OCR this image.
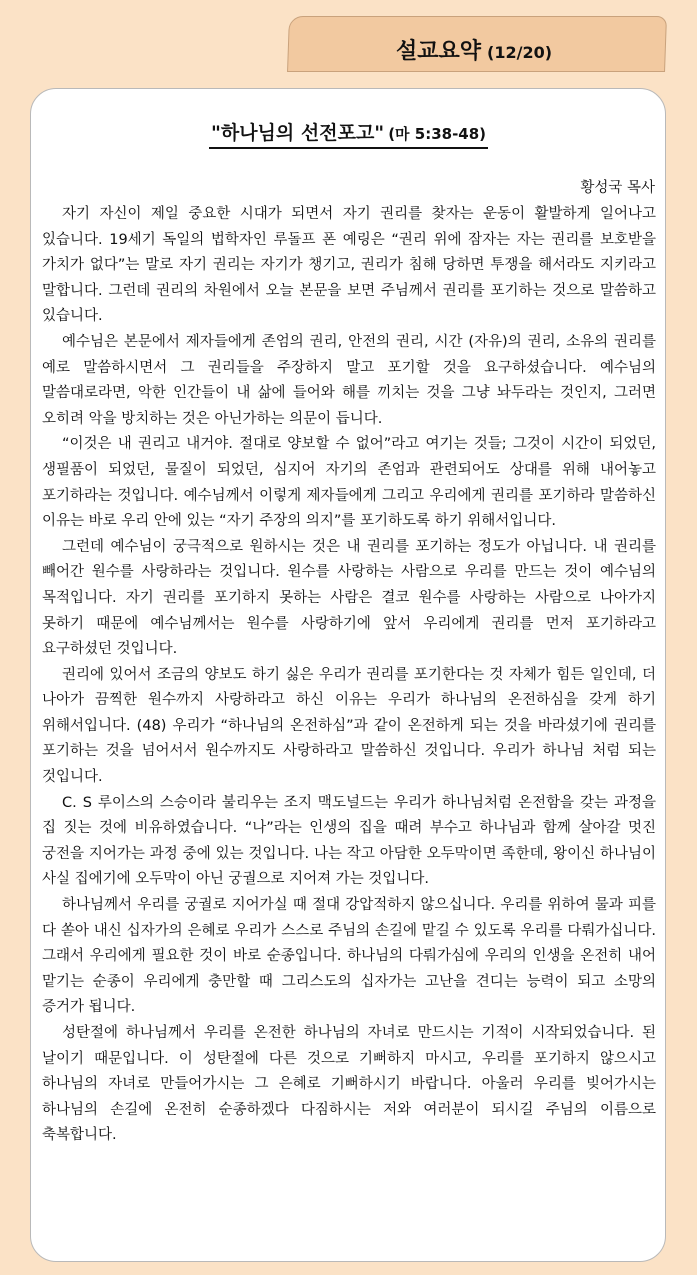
설교요약 (12/20)
"하나님의 선전포고" (마 5:38-48)
황성국 목사

자기 자신이 제일 중요한 시대가 되면서 자기 권리를 찾자는 운동이 활발하게 일어나고 있습니다. 19세기 독일의 법학자인 루돌프 폰 예링은 “권리 위에 잠자는 자는 권리를 보호받을 가치가 없다”는 말로 자기 권리는 자기가 챙기고, 권리가 침해 당하면 투쟁을 해서라도 지키라고 말합니다. 그런데 권리의 차원에서 오늘 본문을 보면 주님께서 권리를 포기하는 것으로 말씀하고 있습니다.

예수님은 본문에서 제자들에게 존엄의 권리, 안전의 권리, 시간 (자유)의 권리, 소유의 권리를 예로 말씀하시면서 그 권리들을 주장하지 말고 포기할 것을 요구하셨습니다. 예수님의 말씀대로라면, 악한 인간들이 내 삶에 들어와 해를 끼치는 것을 그냥 놔두라는 것인지, 그러면 오히려 악을 방치하는 것은 아닌가하는 의문이 듭니다.

“이것은 내 권리고 내거야. 절대로 양보할 수 없어”라고 여기는 것들; 그것이 시간이 되었던, 생필품이 되었던, 물질이 되었던, 심지어 자기의 존엄과 관련되어도 상대를 위해 내어놓고 포기하라는 것입니다. 예수님께서 이렇게 제자들에게 그리고 우리에게 권리를 포기하라 말씀하신 이유는 바로 우리 안에 있는 “자기 주장의 의지”를 포기하도록 하기 위해서입니다.

그런데 예수님이 궁극적으로 원하시는 것은 내 권리를 포기하는 정도가 아닙니다. 내 권리를 빼어간 원수를 사랑하라는 것입니다. 원수를 사랑하는 사람으로 우리를 만드는 것이 예수님의 목적입니다. 자기 권리를 포기하지 못하는 사람은 결코 원수를 사랑하는 사람으로 나아가지 못하기 때문에 예수님께서는 원수를 사랑하기에 앞서 우리에게 권리를 먼저 포기하라고 요구하셨던 것입니다.

권리에 있어서 조금의 양보도 하기 싫은 우리가 권리를 포기한다는 것 자체가 힘든 일인데, 더 나아가 끔찍한 원수까지 사랑하라고 하신 이유는 우리가 하나님의 온전하심을 갖게 하기 위해서입니다. (48) 우리가 “하나님의 온전하심”과 같이 온전하게 되는 것을 바라셨기에 권리를 포기하는 것을 넘어서서 원수까지도 사랑하라고 말씀하신 것입니다. 우리가 하나님 처럼 되는 것입니다.

C. S 루이스의 스승이라 불리우는 조지 맥도널드는 우리가 하나님처럼 온전함을 갖는 과정을 집 짓는 것에 비유하였습니다. “나”라는 인생의 집을 때려 부수고 하나님과 함께 살아갈 멋진 궁전을 지어가는 과정 중에 있는 것입니다. 나는 작고 아담한 오두막이면 족한데, 왕이신 하나님이 사실 집에기에 오두막이 아닌 궁궐으로 지어져 가는 것입니다.

하나님께서 우리를 궁궐로 지어가실 때 절대 강압적하지 않으십니다. 우리를 위하여 물과 피를 다 쏟아 내신 십자가의 은혜로 우리가 스스로 주님의 손길에 맡길 수 있도록 우리를 다뤄가십니다. 그래서 우리에게 필요한 것이 바로 순종입니다. 하나님의 다뤄가심에 우리의 인생을 온전히 내어 맡기는 순종이 우리에게 충만할 때 그리스도의 십자가는 고난을 견디는 능력이 되고 소망의 증거가 됩니다.

성탄절에 하나님께서 우리를 온전한 하나님의 자녀로 만드시는 기적이 시작되었습니다. 된 날이기 때문입니다. 이 성탄절에 다른 것으로 기뻐하지 마시고, 우리를 포기하지 않으시고 하나님의 자녀로 만들어가시는 그 은혜로 기뻐하시기 바랍니다. 아울러 우리를 빚어가시는 하나님의 손길에 온전히 순종하겠다 다짐하시는 저와 여러분이 되시길 주님의 이름으로 축복합니다.
